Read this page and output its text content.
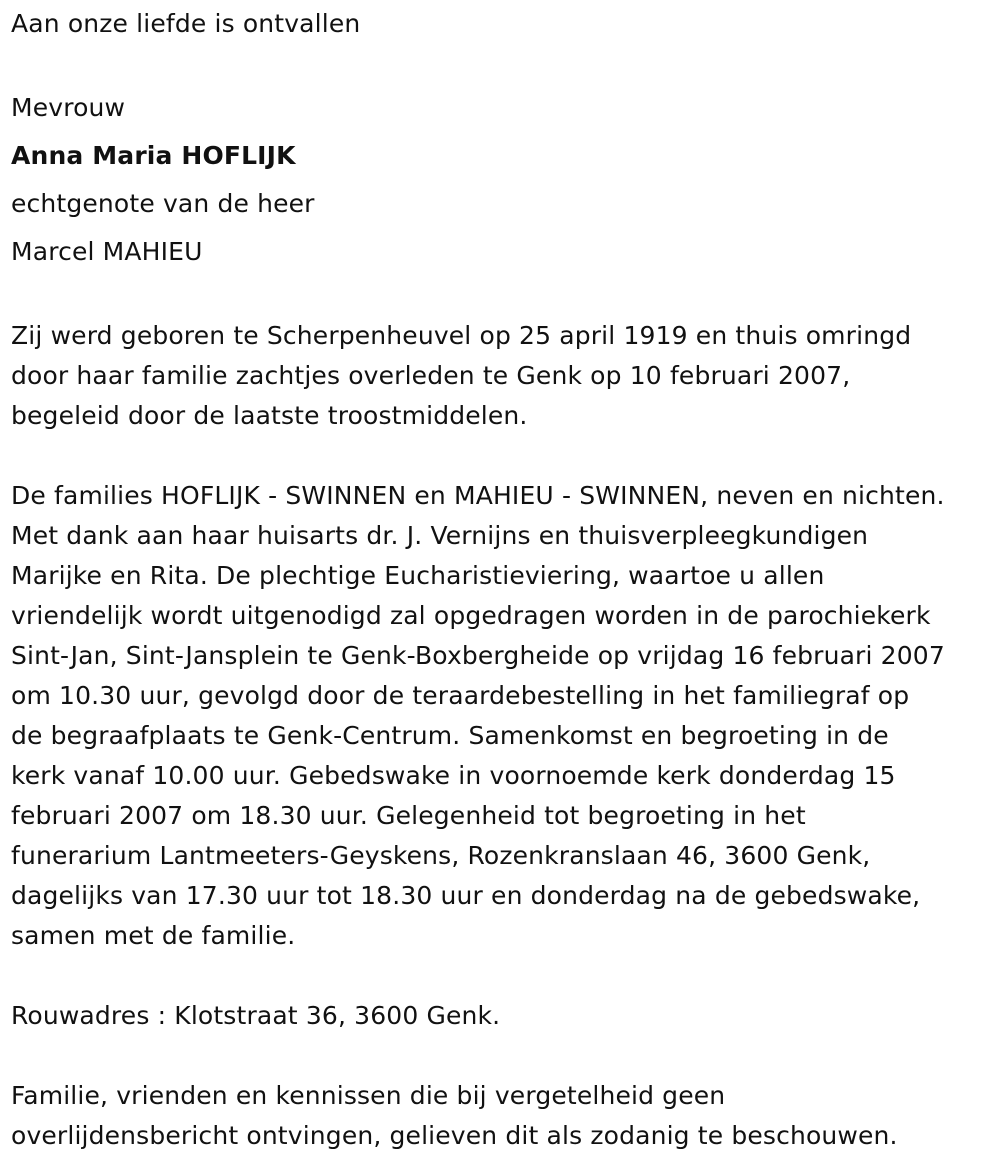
Aan onze liefde is ontvallen
Mevrouw
Anna Maria HOFLIJK
echtgenote van de heer
Marcel MAHIEU
Zij werd geboren te Scherpenheuvel op 25 april 1919 en thuis omringd
door haar familie zachtjes overleden te Genk op 10 februari 2007,
begeleid door de laatste troostmiddelen.
De families HOFLIJK - SWINNEN en MAHIEU - SWINNEN, neven en nichten.
Met dank aan haar huisarts dr. J. Vernijns en thuisverpleegkundigen
Marijke en Rita. De plechtige Eucharistieviering, waartoe u allen
vriendelijk wordt uitgenodigd zal opgedragen worden in de parochiekerk
Sint-Jan, Sint-Jansplein te Genk-Boxbergheide op vrijdag 16 februari 2007
om 10.30 uur, gevolgd door de teraardebestelling in het familiegraf op
de begraafplaats te Genk-Centrum. Samenkomst en begroeting in de
kerk vanaf 10.00 uur. Gebedswake in voornoemde kerk donderdag 15
februari 2007 om 18.30 uur. Gelegenheid tot begroeting in het
funerarium Lantmeeters-Geyskens, Rozenkranslaan 46, 3600 Genk,
dagelijks van 17.30 uur tot 18.30 uur en donderdag na de gebedswake,
samen met de familie.
Rouwadres : Klotstraat 36, 3600 Genk.
Familie, vrienden en kennissen die bij vergetelheid geen
overlijdensbericht ontvingen, gelieven dit als zodanig te beschouwen.
